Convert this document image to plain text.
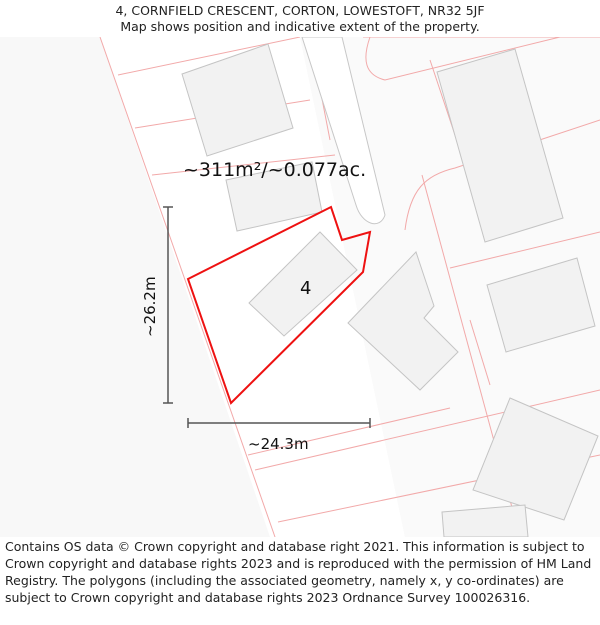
4, CORNFIELD CRESCENT, CORTON, LOWESTOFT, NR32 5JF
Map shows position and indicative extent of the property.
~311m²/~0.077ac.
4
~26.2m
~24.3m
Contains OS data © Crown copyright and database right 2021. This information is subject to Crown copyright and database rights 2023 and is reproduced with the permission of HM Land Registry. The polygons (including the associated geometry, namely x, y co-ordinates) are subject to Crown copyright and database rights 2023 Ordnance Survey 100026316.
